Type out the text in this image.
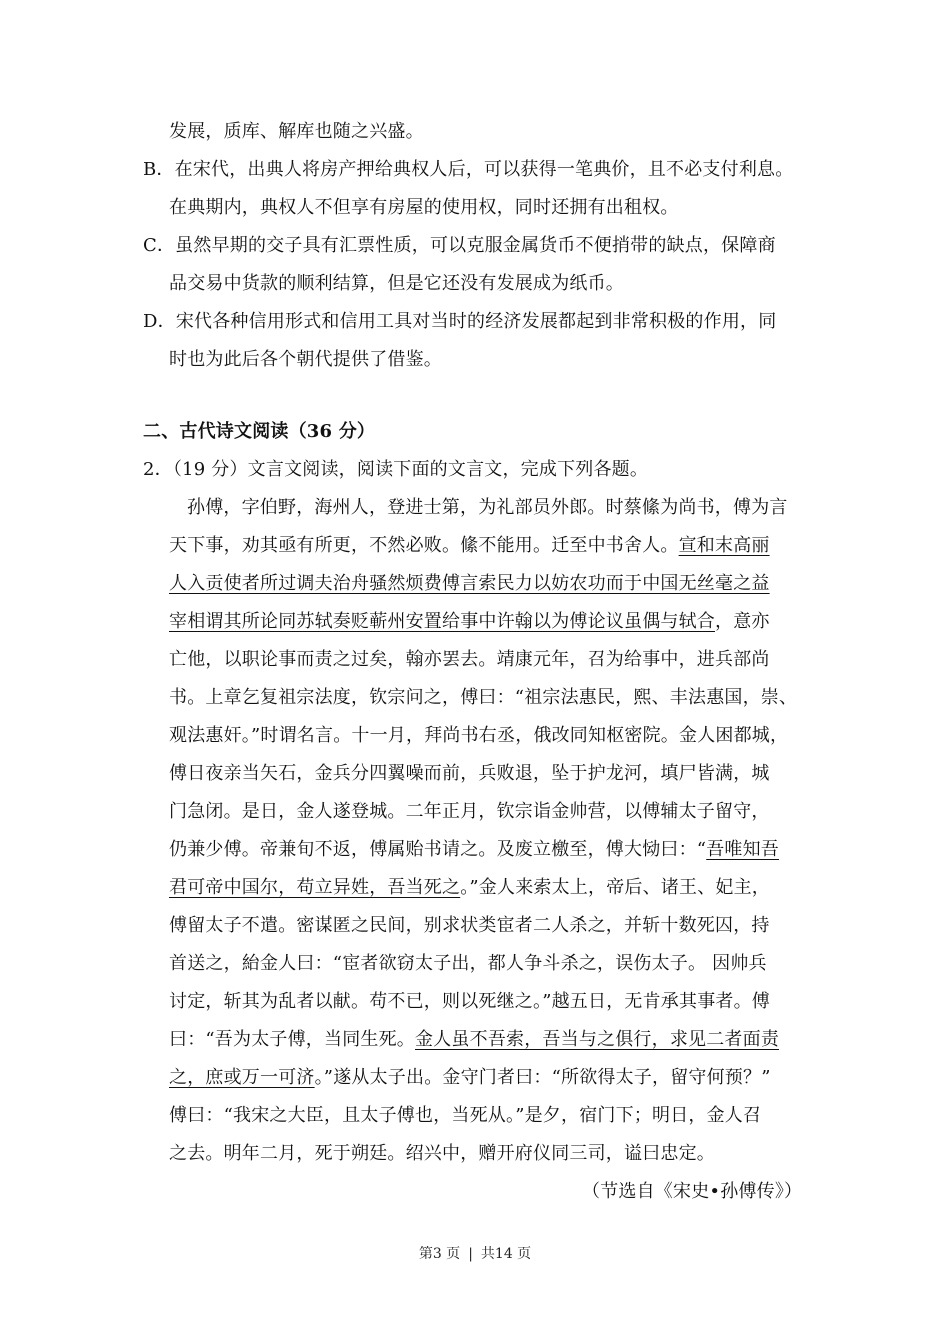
发展，质库、解库也随之兴盛。
B．在宋代，出典人将房产押给典权人后，可以获得一笔典价，且不必支付利息。
在典期内，典权人不但享有房屋的使用权，同时还拥有出租权。
C．虽然早期的交子具有汇票性质，可以克服金属货币不便捎带的缺点，保障商
品交易中货款的顺利结算，但是它还没有发展成为纸币。
D．宋代各种信用形式和信用工具对当时的经济发展都起到非常积极的作用，同
时也为此后各个朝代提供了借鉴。
二、古代诗文阅读（36 分）
2．（19 分）文言文阅读，阅读下面的文言文，完成下列各题。
孙傅，字伯野，海州人，登进士第，为礼部员外郎。时蔡絛为尚书，傅为言
天下事，劝其亟有所更，不然必败。絛不能用。迁至中书舍人。宣和末高丽
人入贡使者所过调夫治舟骚然烦费傅言索民力以妨农功而于中国无丝毫之益
宰相谓其所论同苏轼奏贬蕲州安置给事中许翰以为傅论议虽偶与轼合，意亦
亡他，以职论事而责之过矣，翰亦罢去。靖康元年，召为给事中，进兵部尚
书。上章乞复祖宗法度，钦宗问之，傅曰：“祖宗法惠民，熙、丰法惠国，崇、
观法惠奸。”时谓名言。十一月，拜尚书右丞，俄改同知枢密院。金人困都城，
傅日夜亲当矢石，金兵分四翼噪而前，兵败退，坠于护龙河，填尸皆满，城
门急闭。是日，金人遂登城。二年正月，钦宗诣金帅营，以傅辅太子留守，
仍兼少傅。帝兼旬不返，傅属贻书请之。及废立檄至，傅大恸曰：“吾唯知吾
君可帝中国尔，苟立异姓，吾当死之。”金人来索太上，帝后、诸王、妃主，
傅留太子不遣。密谋匿之民间，别求状类宦者二人杀之，并斩十数死囚，持
首送之，紿金人曰：“宦者欲窃太子出，都人争斗杀之，误伤太子。 因帅兵
讨定，斩其为乱者以献。苟不已，则以死继之。”越五日，无肯承其事者。傅
曰：“吾为太子傅，当同生死。金人虽不吾索，吾当与之俱行，求见二者面责
之，庶或万一可济。”遂从太子出。金守门者曰：“所欲得太子，留守何预？”
傅曰：“我宋之大臣，且太子傅也，当死从。”是夕，宿门下；明日，金人召
之去。明年二月，死于朔廷。绍兴中，赠开府仪同三司，谥曰忠定。
（节选自《宋史•孙傅传》）
第3 页 | 共14 页
